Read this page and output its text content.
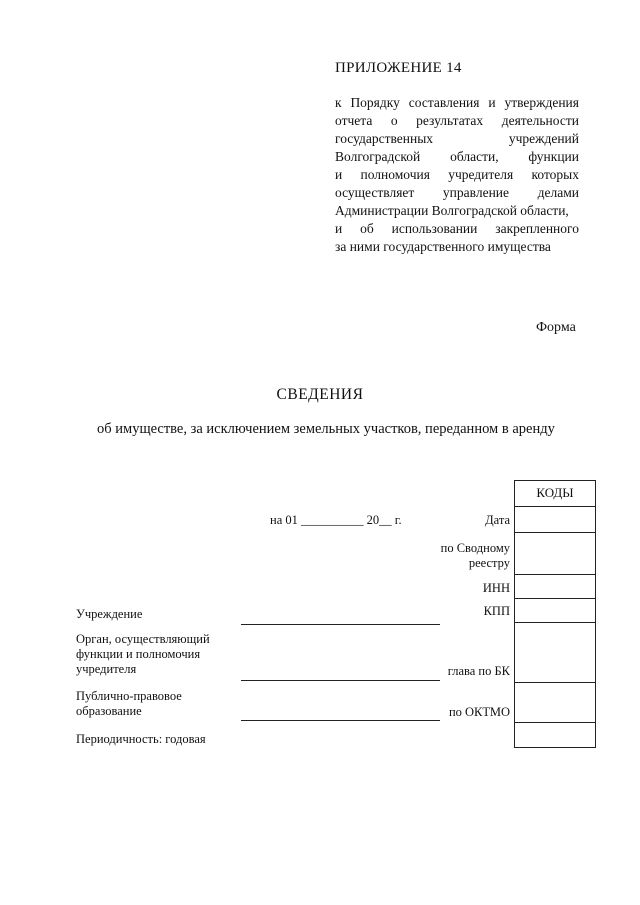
ПРИЛОЖЕНИЕ 14
к Порядку составления и утверждения
отчета о результатах деятельности
государственных учреждений
Волгоградской области, функции
и полномочия учредителя которых
осуществляет управление делами
Администрации Волгоградской области,
и об использовании закрепленного
за ними государственного имущества
Форма
СВЕДЕНИЯ
об имуществе, за исключением земельных участков, переданном в аренду
КОДЫ
на 01 __________ 20__ г.	Дата
по Сводному
реестру
ИНН
КПП
глава по БК
по ОКТМО
Учреждение
Орган, осуществляющий функции и полномочия учредителя
Публично-правовое образование
Периодичность: годовая
